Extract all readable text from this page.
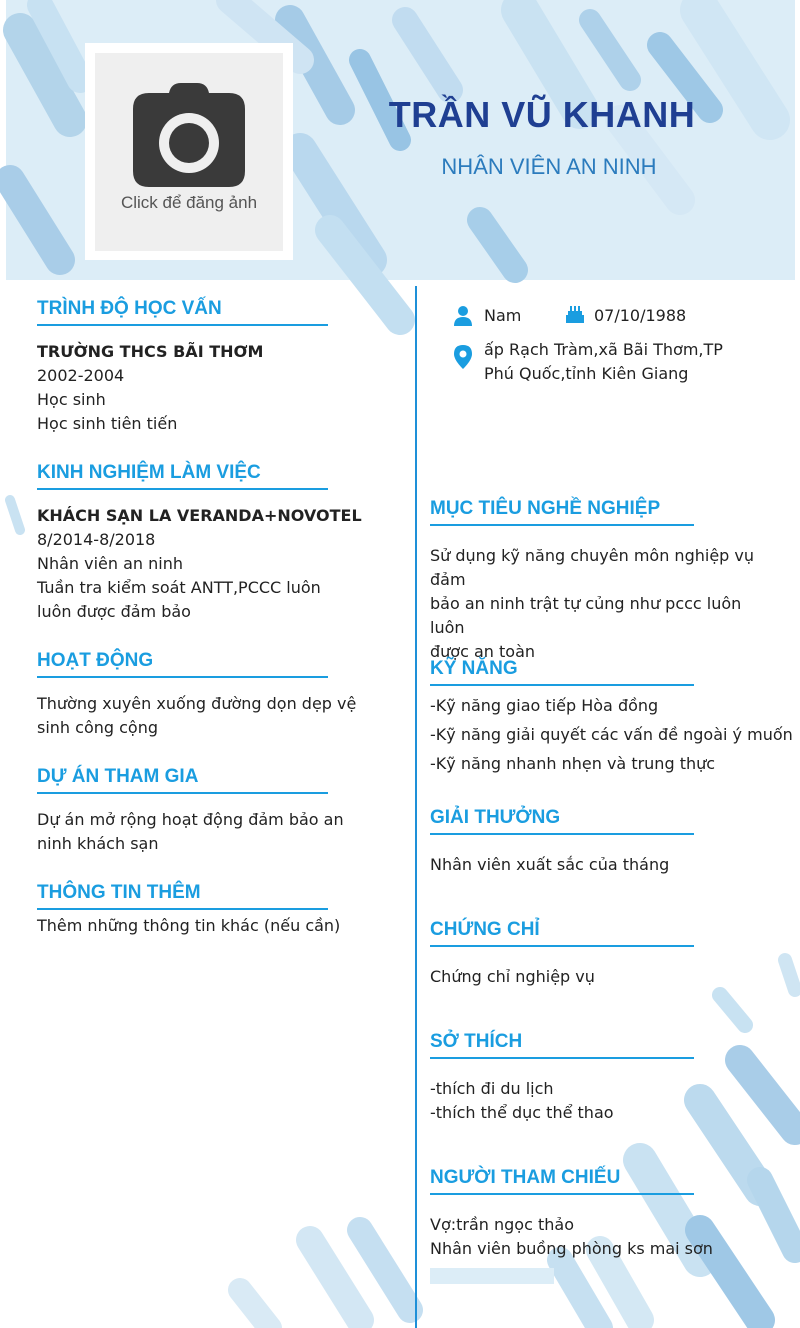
Click để đăng ảnh
TRẦN VŨ KHANH
NHÂN VIÊN AN NINH
Nam	07/10/1988
ấp Rạch Tràm,xã Bãi Thơm,TP
Phú Quốc,tỉnh Kiên Giang
TRÌNH ĐỘ HỌC VẤN
TRƯỜNG THCS BÃI THƠM
2002-2004
Học sinh
Học sinh tiên tiến
KINH NGHIỆM LÀM VIỆC
KHÁCH SẠN LA VERANDA+NOVOTEL
8/2014-8/2018
Nhân viên an ninh
Tuần tra kiểm soát ANTT,PCCC luôn
luôn được đảm bảo
HOẠT ĐỘNG
Thường xuyên xuống đường dọn dẹp vệ
sinh công cộng
DỰ ÁN THAM GIA
Dự án mở rộng hoạt động đảm bảo an
ninh khách sạn
THÔNG TIN THÊM
Thêm những thông tin khác (nếu cần)
MỤC TIÊU NGHỀ NGHIỆP
Sử dụng kỹ năng chuyên môn nghiệp vụ đảm
bảo an ninh trật tự củng như pccc luôn luôn
được an toàn
KỸ NĂNG
-Kỹ năng giao tiếp Hòa đồng
-Kỹ năng giải quyết các vấn đề ngoài ý muốn
-Kỹ năng nhanh nhẹn và trung thực
GIẢI THƯỞNG
Nhân viên xuất sắc của tháng
CHỨNG CHỈ
Chứng chỉ nghiệp vụ
SỞ THÍCH
-thích đi du lịch
-thích thể dục thể thao
NGƯỜI THAM CHIẾU
Vợ:trần ngọc thảo
Nhân viên buồng phòng ks mai sơn
